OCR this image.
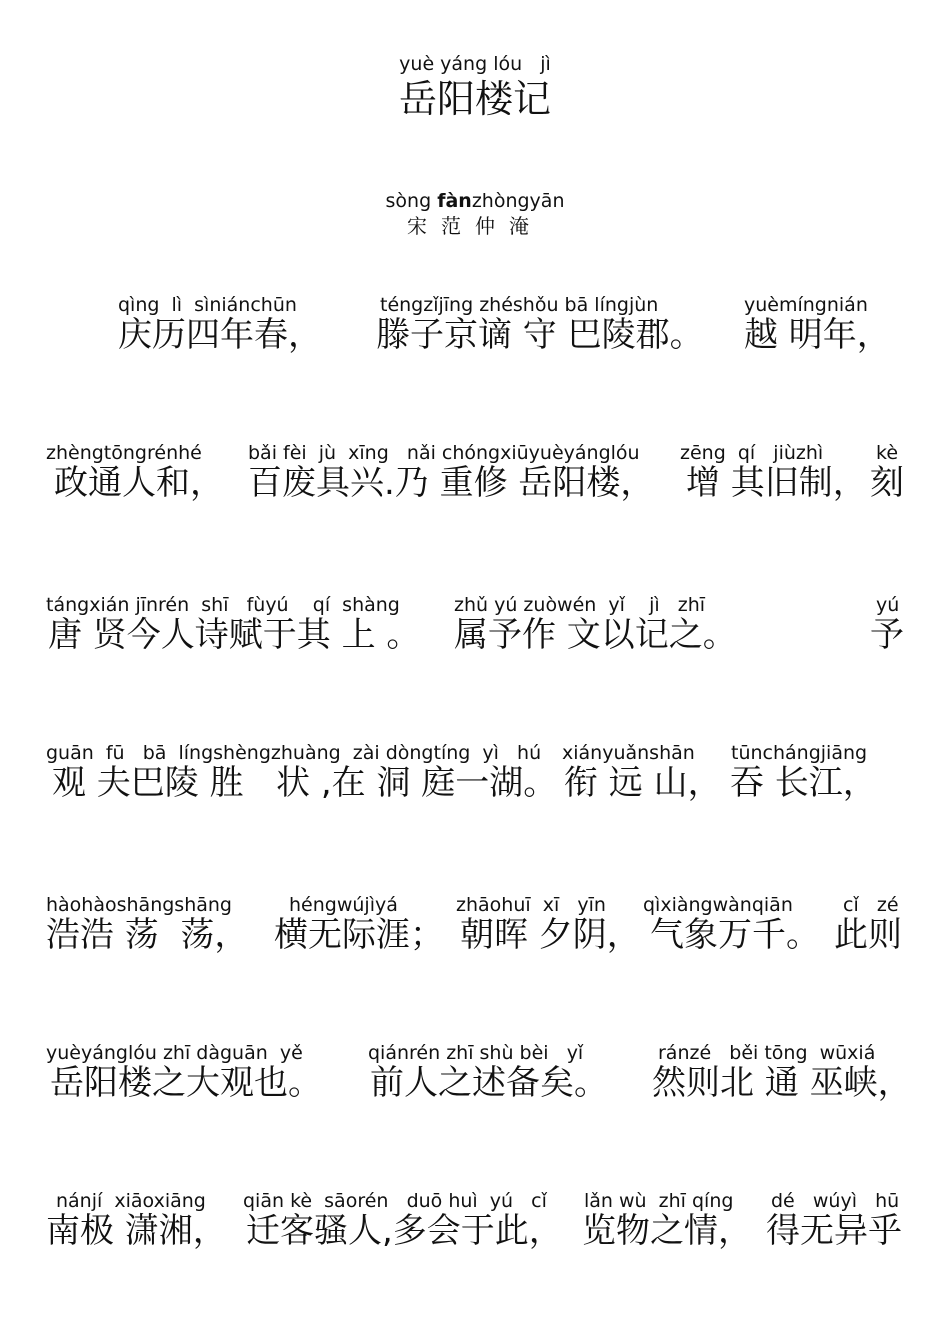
yuè yáng lóu   jì
岳阳楼记
sòng fànzhòngyān
宋范仲淹
qìng  lì  sìniánchūn	téngzǐjīng zhéshǒu bā língjùn	yuèmíngnián
庆历四年春， 滕子京谪 守 巴陵郡。 越 明年，
zhèngtōngrénhé bǎi fèi  jù  xīng   nǎi chóngxiūyuèyánglóu zēng  qí   jiùzhì	kè
政通人和， 百废具兴.乃 重修 岳阳楼， 增 其旧制， 刻
tángxián jīnrén  shī   fùyú    qí  shàng	zhǔ yú zuòwén  yǐ    jì   zhī	yú
唐 贤今人诗赋于其 上 。 属予作 文以记之。	予
guān  fū   bā  língshèngzhuàng  zài dòngtíng  yì   hú xiányuǎnshān tūnchángjiāng
观 夫巴陵 胜   状 ,在 洞 庭一湖。 衔 远 山， 吞 长江，
hàohàoshāngshāng	héngwújìyá	zhāohuī  xī   yīn qìxiàngwànqiān	cǐ   zé
浩浩 荡  荡， 横无际涯； 朝晖 夕阴， 气象万千。 此则
yuèyánglóu zhī dàguān  yě	qiánrén zhī shù bèi   yǐ	ránzé   běi tōng  wūxiá
岳阳楼之大观也。 前人之述备矣。 然则北 通 巫峡，
nánjí  xiāoxiāng qiān kè  sāorén   duō huì  yú   cǐ lǎn wù  zhī qíng dé   wúyì   hū
南极 潇湘， 迁客骚人,多会于此， 览物之情， 得无异乎
